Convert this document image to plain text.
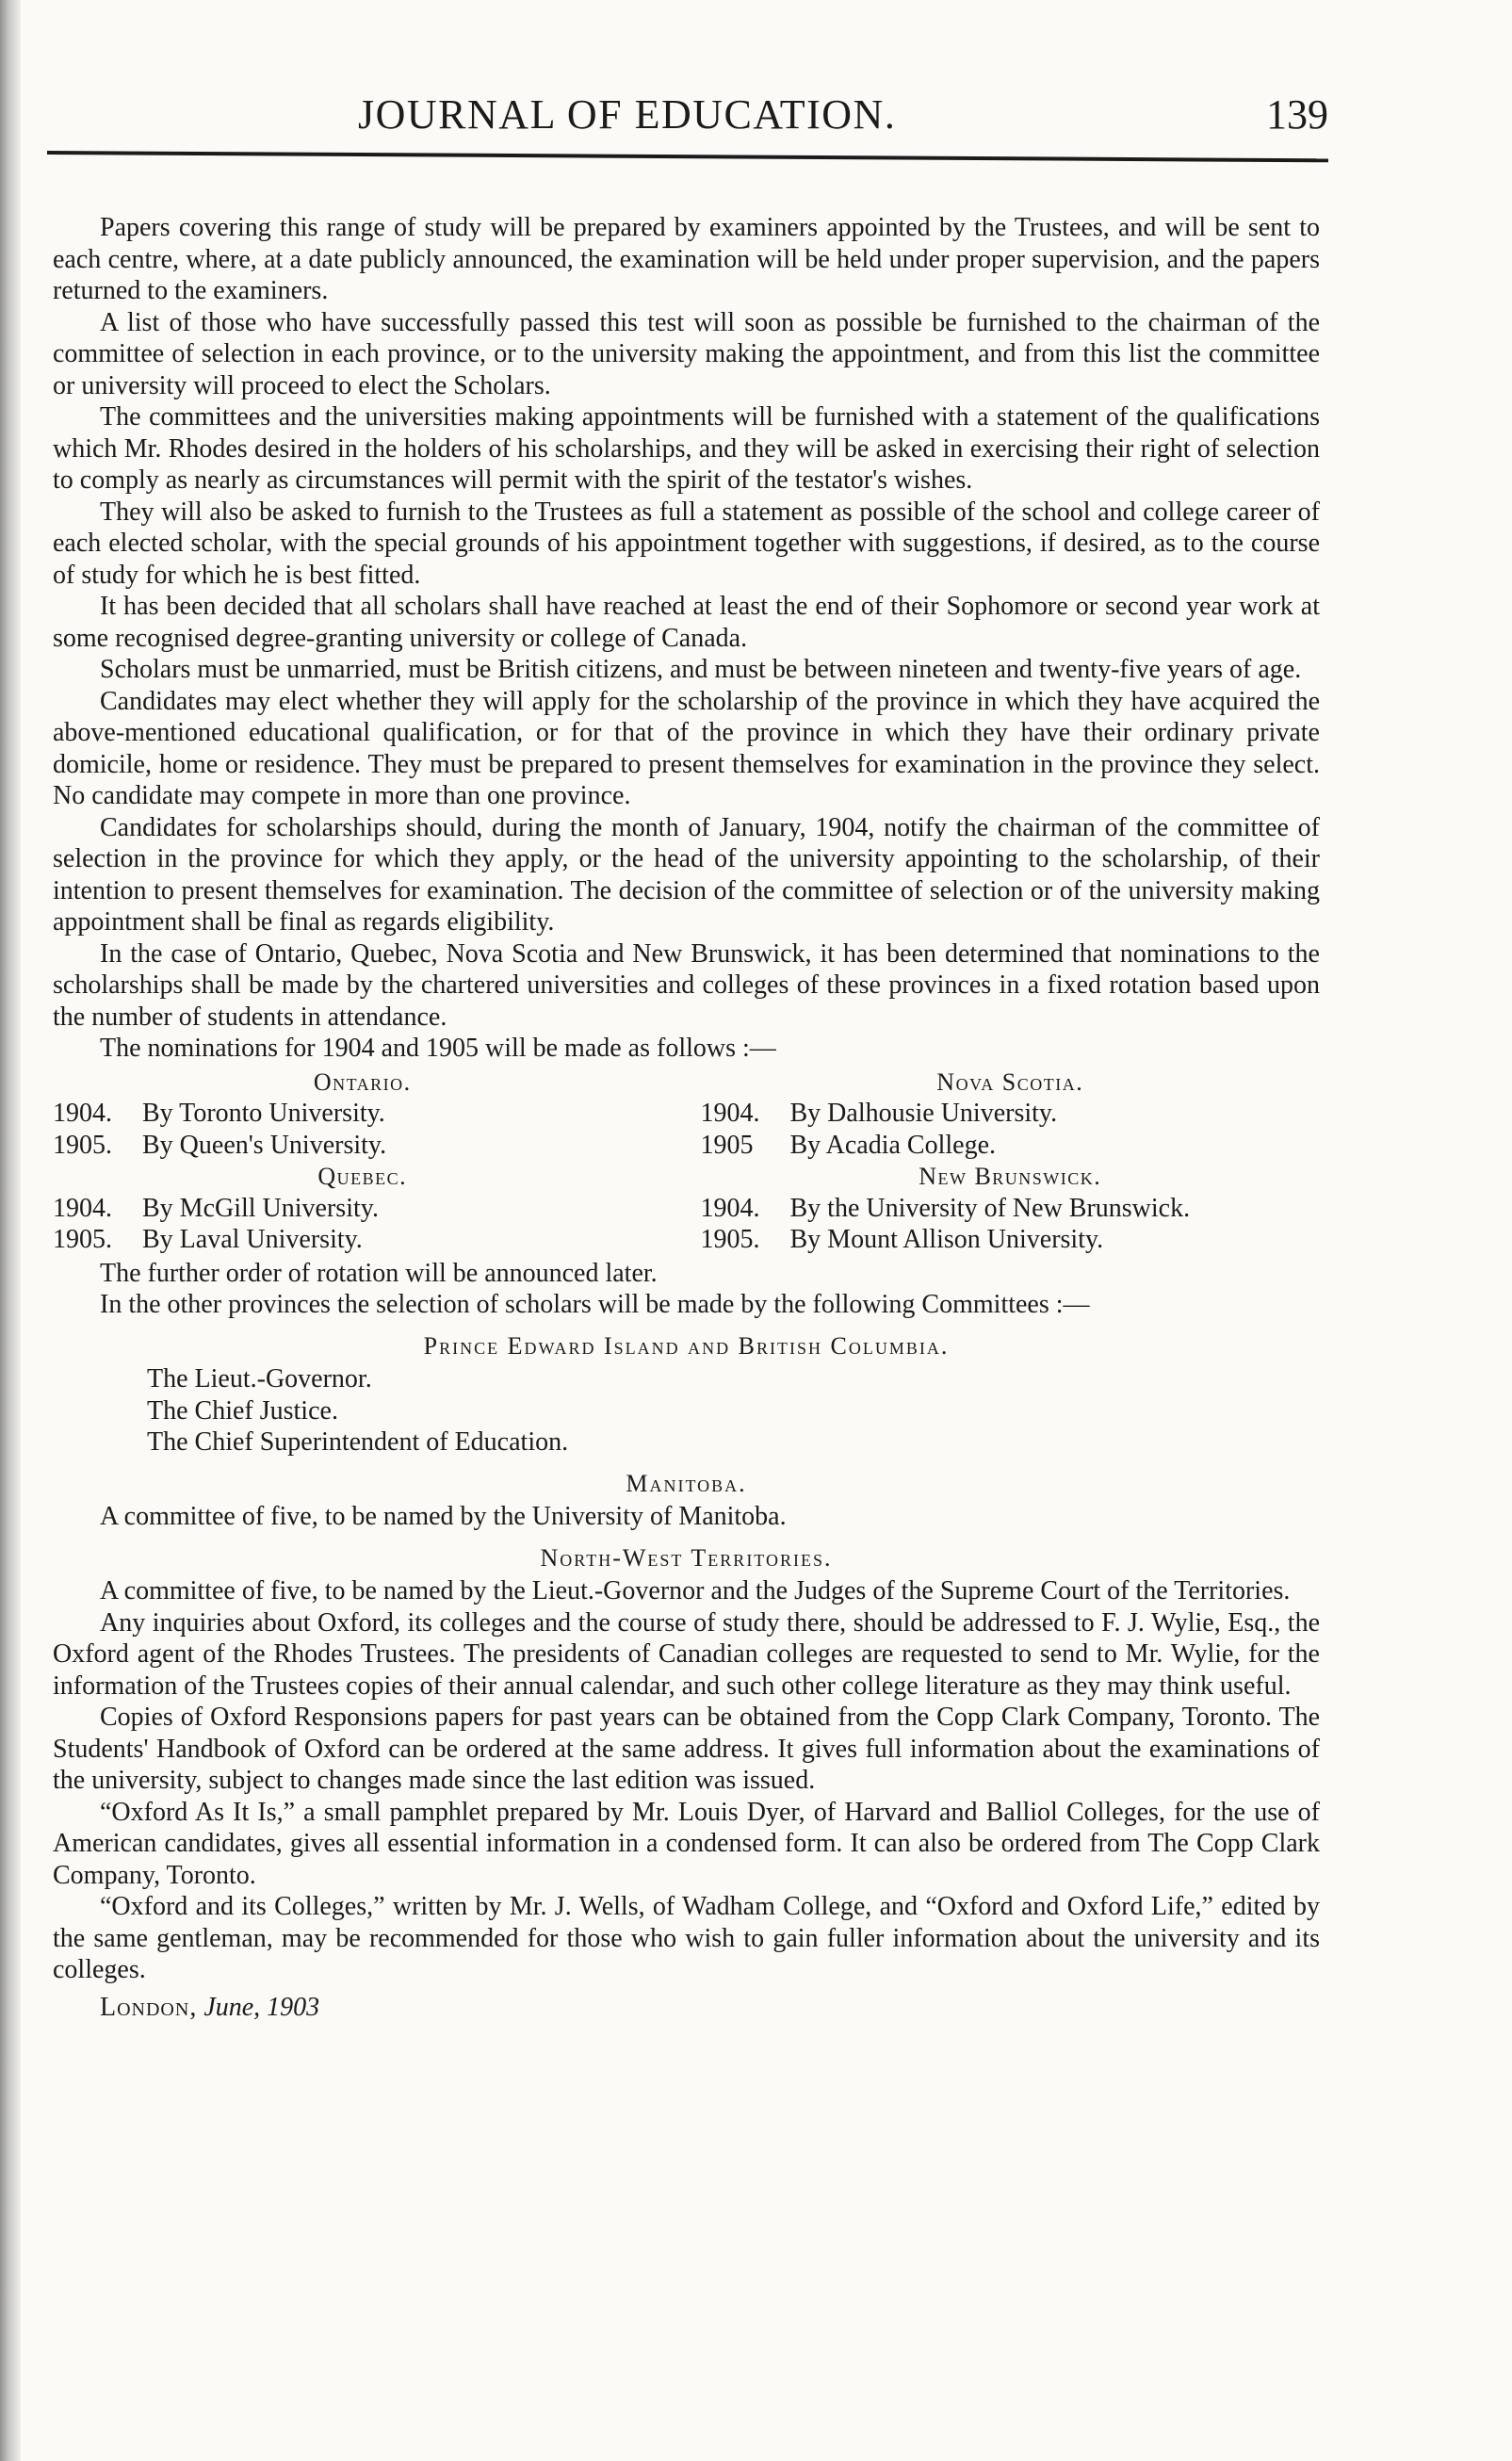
JOURNAL OF EDUCATION.	139

Papers covering this range of study will be prepared by examiners appointed by the Trustees, and will be sent to each centre, where, at a date publicly announced, the examination will be held under proper supervision, and the papers returned to the examiners.

A list of those who have successfully passed this test will soon as possible be furnished to the chairman of the committee of selection in each province, or to the university making the appointment, and from this list the committee or university will proceed to elect the Scholars.

The committees and the universities making appointments will be furnished with a statement of the qualifications which Mr. Rhodes desired in the holders of his scholarships, and they will be asked in exercising their right of selection to comply as nearly as circumstances will permit with the spirit of the testator's wishes.

They will also be asked to furnish to the Trustees as full a statement as possible of the school and college career of each elected scholar, with the special grounds of his appointment together with suggestions, if desired, as to the course of study for which he is best fitted.

It has been decided that all scholars shall have reached at least the end of their Sophomore or second year work at some recognised degree-granting university or college of Canada.

Scholars must be unmarried, must be British citizens, and must be between nineteen and twenty-five years of age.

Candidates may elect whether they will apply for the scholarship of the province in which they have acquired the above-mentioned educational qualification, or for that of the province in which they have their ordinary private domicile, home or residence. They must be prepared to present themselves for examination in the province they select. No candidate may compete in more than one province.

Candidates for scholarships should, during the month of January, 1904, notify the chairman of the committee of selection in the province for which they apply, or the head of the university appointing to the scholarship, of their intention to present themselves for examination. The decision of the committee of selection or of the university making appointment shall be final as regards eligibility.

In the case of Ontario, Quebec, Nova Scotia and New Brunswick, it has been determined that nominations to the scholarships shall be made by the chartered universities and colleges of these provinces in a fixed rotation based upon the number of students in attendance.

The nominations for 1904 and 1905 will be made as follows :—

Ontario.
1904.	By Toronto University.
1905.	By Queen's University.
Nova Scotia.
1904.	By Dalhousie University.
1905	By Acadia College.
Quebec.
1904.	By McGill University.
1905.	By Laval University.
New Brunswick.
1904.	By the University of New Brunswick.
1905.	By Mount Allison University.

The further order of rotation will be announced later.

In the other provinces the selection of scholars will be made by the following Committees :—

Prince Edward Island and British Columbia.
The Lieut.-Governor.
The Chief Justice.
The Chief Superintendent of Education.
Manitoba.

A committee of five, to be named by the University of Manitoba.

North-West Territories.

A committee of five, to be named by the Lieut.-Governor and the Judges of the Supreme Court of the Territories.

Any inquiries about Oxford, its colleges and the course of study there, should be addressed to F. J. Wylie, Esq., the Oxford agent of the Rhodes Trustees. The presidents of Canadian colleges are requested to send to Mr. Wylie, for the information of the Trustees copies of their annual calendar, and such other college literature as they may think useful.

Copies of Oxford Responsions papers for past years can be obtained from the Copp Clark Company, Toronto. The Students' Handbook of Oxford can be ordered at the same address. It gives full information about the examinations of the university, subject to changes made since the last edition was issued.

“Oxford As It Is,” a small pamphlet prepared by Mr. Louis Dyer, of Harvard and Balliol Colleges, for the use of American candidates, gives all essential information in a condensed form. It can also be ordered from The Copp Clark Company, Toronto.

“Oxford and its Colleges,” written by Mr. J. Wells, of Wadham College, and “Oxford and Oxford Life,” edited by the same gentleman, may be recommended for those who wish to gain fuller information about the university and its colleges.

London, June, 1903
